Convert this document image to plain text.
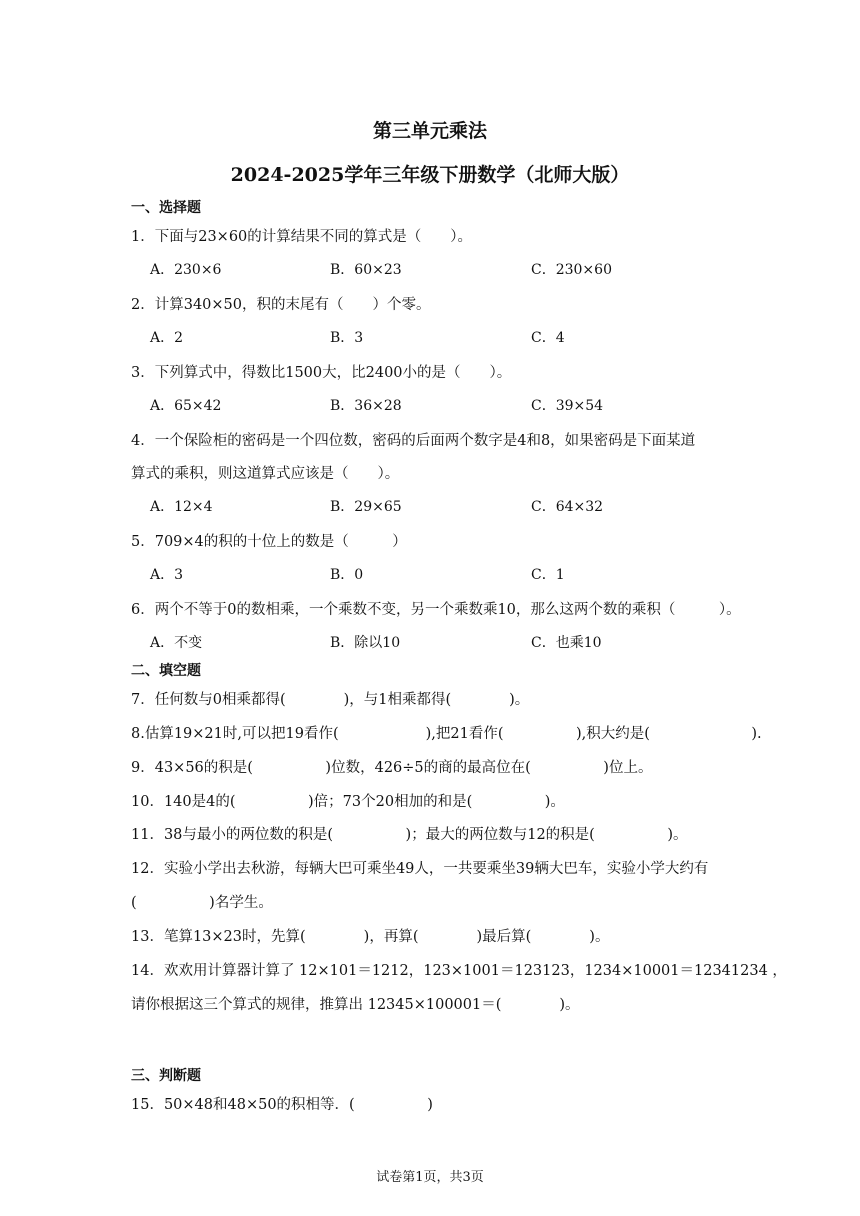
第三单元乘法
2024-2025学年三年级下册数学（北师大版）
一、选择题
1．下面与23×60的计算结果不同的算式是（　　）。
A．230×6	B．60×23	C．230×60
2．计算340×50，积的末尾有（　　）个零。
A．2	B．3	C．4
3．下列算式中，得数比1500大，比2400小的是（　　）。
A．65×42	B．36×28	C．39×54
4．一个保险柜的密码是一个四位数，密码的后面两个数字是4和8，如果密码是下面某道
算式的乘积，则这道算式应该是（　　）。
A．12×4	B．29×65	C．64×32
5．709×4的积的十位上的数是（　　　）
A．3	B．0	C．1
6．两个不等于0的数相乘，一个乘数不变，另一个乘数乘10，那么这两个数的乘积（　　　）。
A．不变	B．除以10	C．也乘10
二、填空题
7．任何数与0相乘都得(　　　　)，与1相乘都得(　　　　)。
8.估算19×21时,可以把19看作(　　　　　　),把21看作(　　　　　),积大约是(　　　　　　　).
9．43×56的积是(　　　　　)位数，426÷5的商的最高位在(　　　　　)位上。
10．140是4的(　　　　　)倍；73个20相加的和是(　　　　　)。
11．38与最小的两位数的积是(　　　　　)；最大的两位数与12的积是(　　　　　)。
12．实验小学出去秋游，每辆大巴可乘坐49人，一共要乘坐39辆大巴车，实验小学大约有
(　　　　　)名学生。
13．笔算13×23时，先算(　　　　)，再算(　　　　)最后算(　　　　)。
14．欢欢用计算器计算了 12×101＝1212，123×1001＝123123，1234×10001＝12341234 ，
请你根据这三个算式的规律，推算出 12345×100001＝(　　　　)。
三、判断题
15．50×48和48×50的积相等．(　　　　　)
试卷第1页，共3页
